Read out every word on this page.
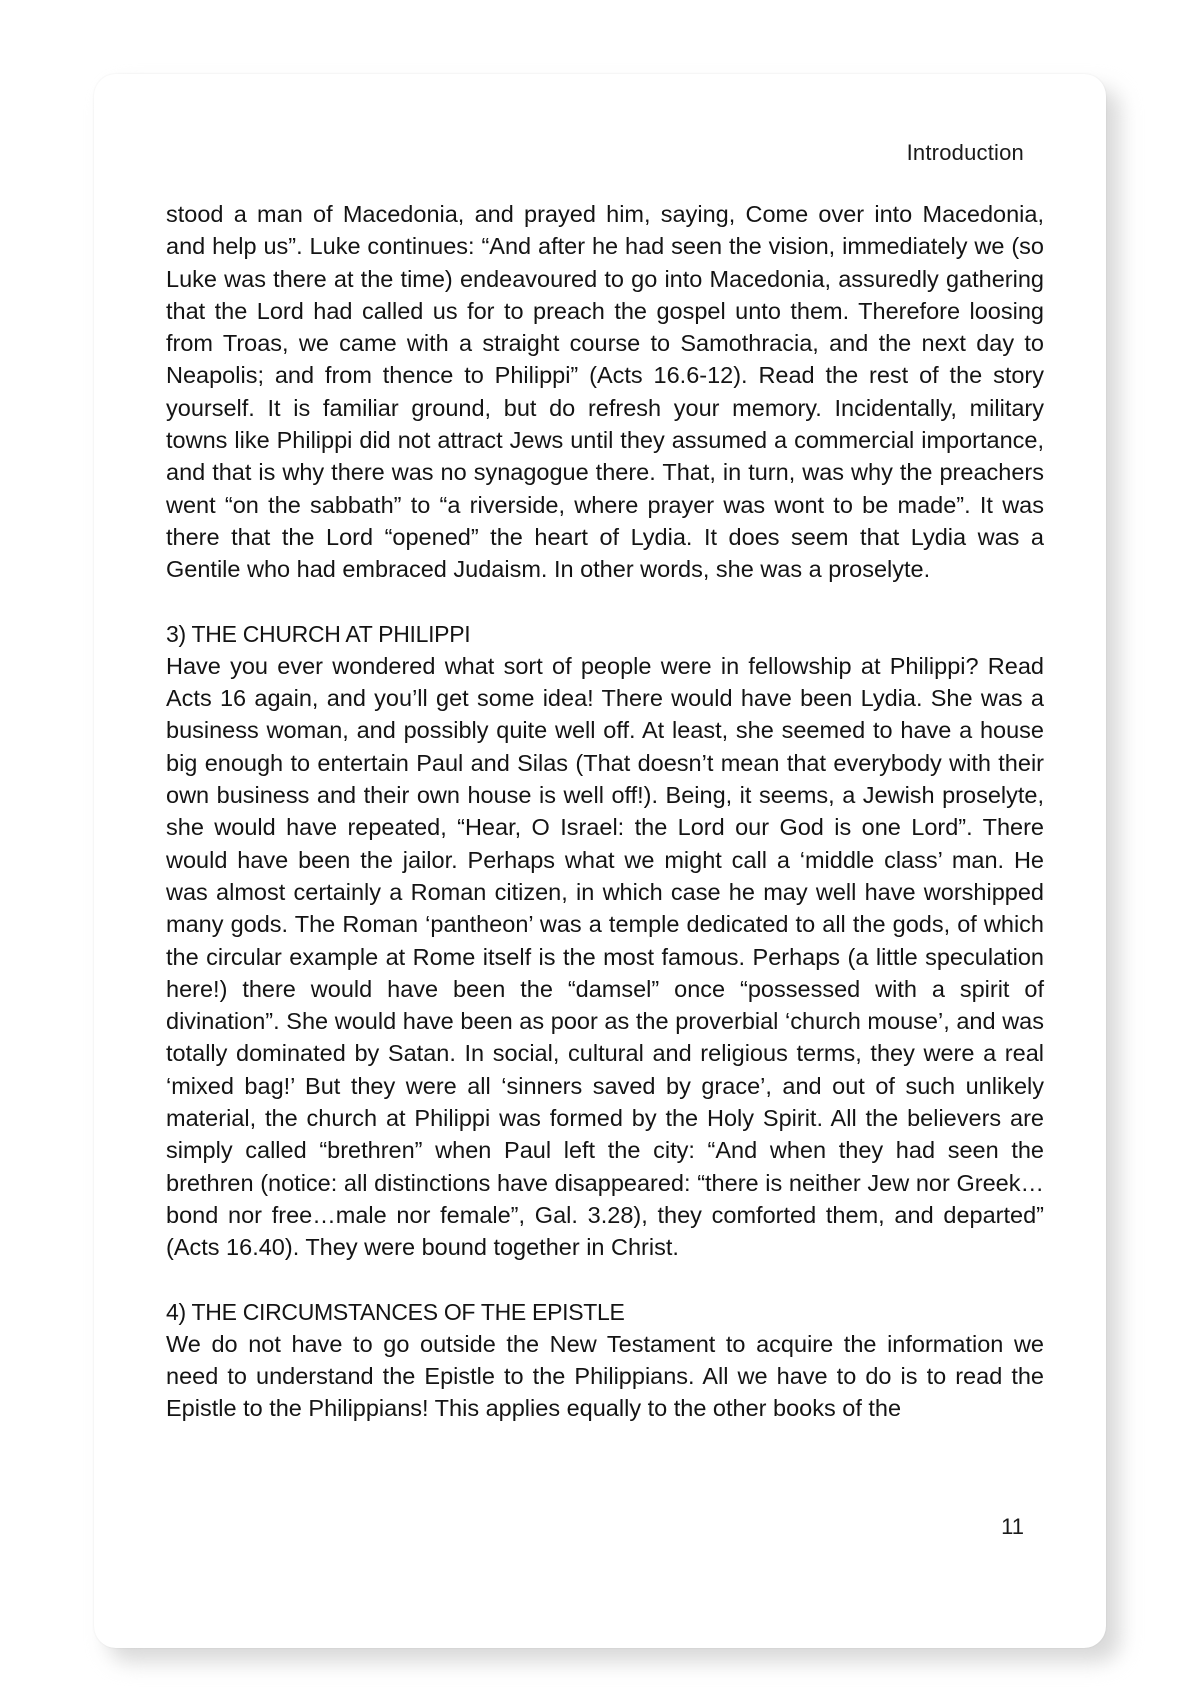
Introduction

stood a man of Macedonia, and prayed him, saying, Come over into Macedonia, and help us”. Luke continues: “And after he had seen the vision, immediately we (so Luke was there at the time) endeavoured to go into Macedonia, assuredly gathering that the Lord had called us for to preach the gospel unto them. Therefore loosing from Troas, we came with a straight course to Samothracia, and the next day to Neapolis; and from thence to Philippi” (Acts 16.6-12). Read the rest of the story yourself. It is familiar ground, but do refresh your memory. Incidentally, military towns like Philippi did not attract Jews until they assumed a commercial importance, and that is why there was no synagogue there. That, in turn, was why the preachers went “on the sabbath” to “a riverside, where prayer was wont to be made”. It was there that the Lord “opened” the heart of Lydia. It does seem that Lydia was a Gentile who had embraced Judaism. In other words, she was a proselyte.

3) THE CHURCH AT PHILIPPI

Have you ever wondered what sort of people were in fellowship at Philippi? Read Acts 16 again, and you’ll get some idea! There would have been Lydia. She was a business woman, and possibly quite well off. At least, she seemed to have a house big enough to entertain Paul and Silas (That doesn’t mean that everybody with their own business and their own house is well off!). Being, it seems, a Jewish proselyte, she would have repeated, “Hear, O Israel: the Lord our God is one Lord”. There would have been the jailor. Perhaps what we might call a ‘middle class’ man. He was almost certainly a Roman citizen, in which case he may well have worshipped many gods. The Roman ‘pantheon’ was a temple dedicated to all the gods, of which the circular example at Rome itself is the most famous. Perhaps (a little speculation here!) there would have been the “damsel” once “possessed with a spirit of divination”. She would have been as poor as the proverbial ‘church mouse’, and was totally dominated by Satan. In social, cultural and religious terms, they were a real ‘mixed bag!’ But they were all ‘sinners saved by grace’, and out of such unlikely material, the church at Philippi was formed by the Holy Spirit. All the believers are simply called “brethren” when Paul left the city: “And when they had seen the brethren (notice: all distinctions have disappeared: “there is neither Jew nor Greek…bond nor free…male nor female”, Gal. 3.28), they comforted them, and departed” (Acts 16.40). They were bound together in Christ.

4) THE CIRCUMSTANCES OF THE EPISTLE

We do not have to go outside the New Testament to acquire the information we need to understand the Epistle to the Philippians. All we have to do is to read the Epistle to the Philippians! This applies equally to the other books of the

11
